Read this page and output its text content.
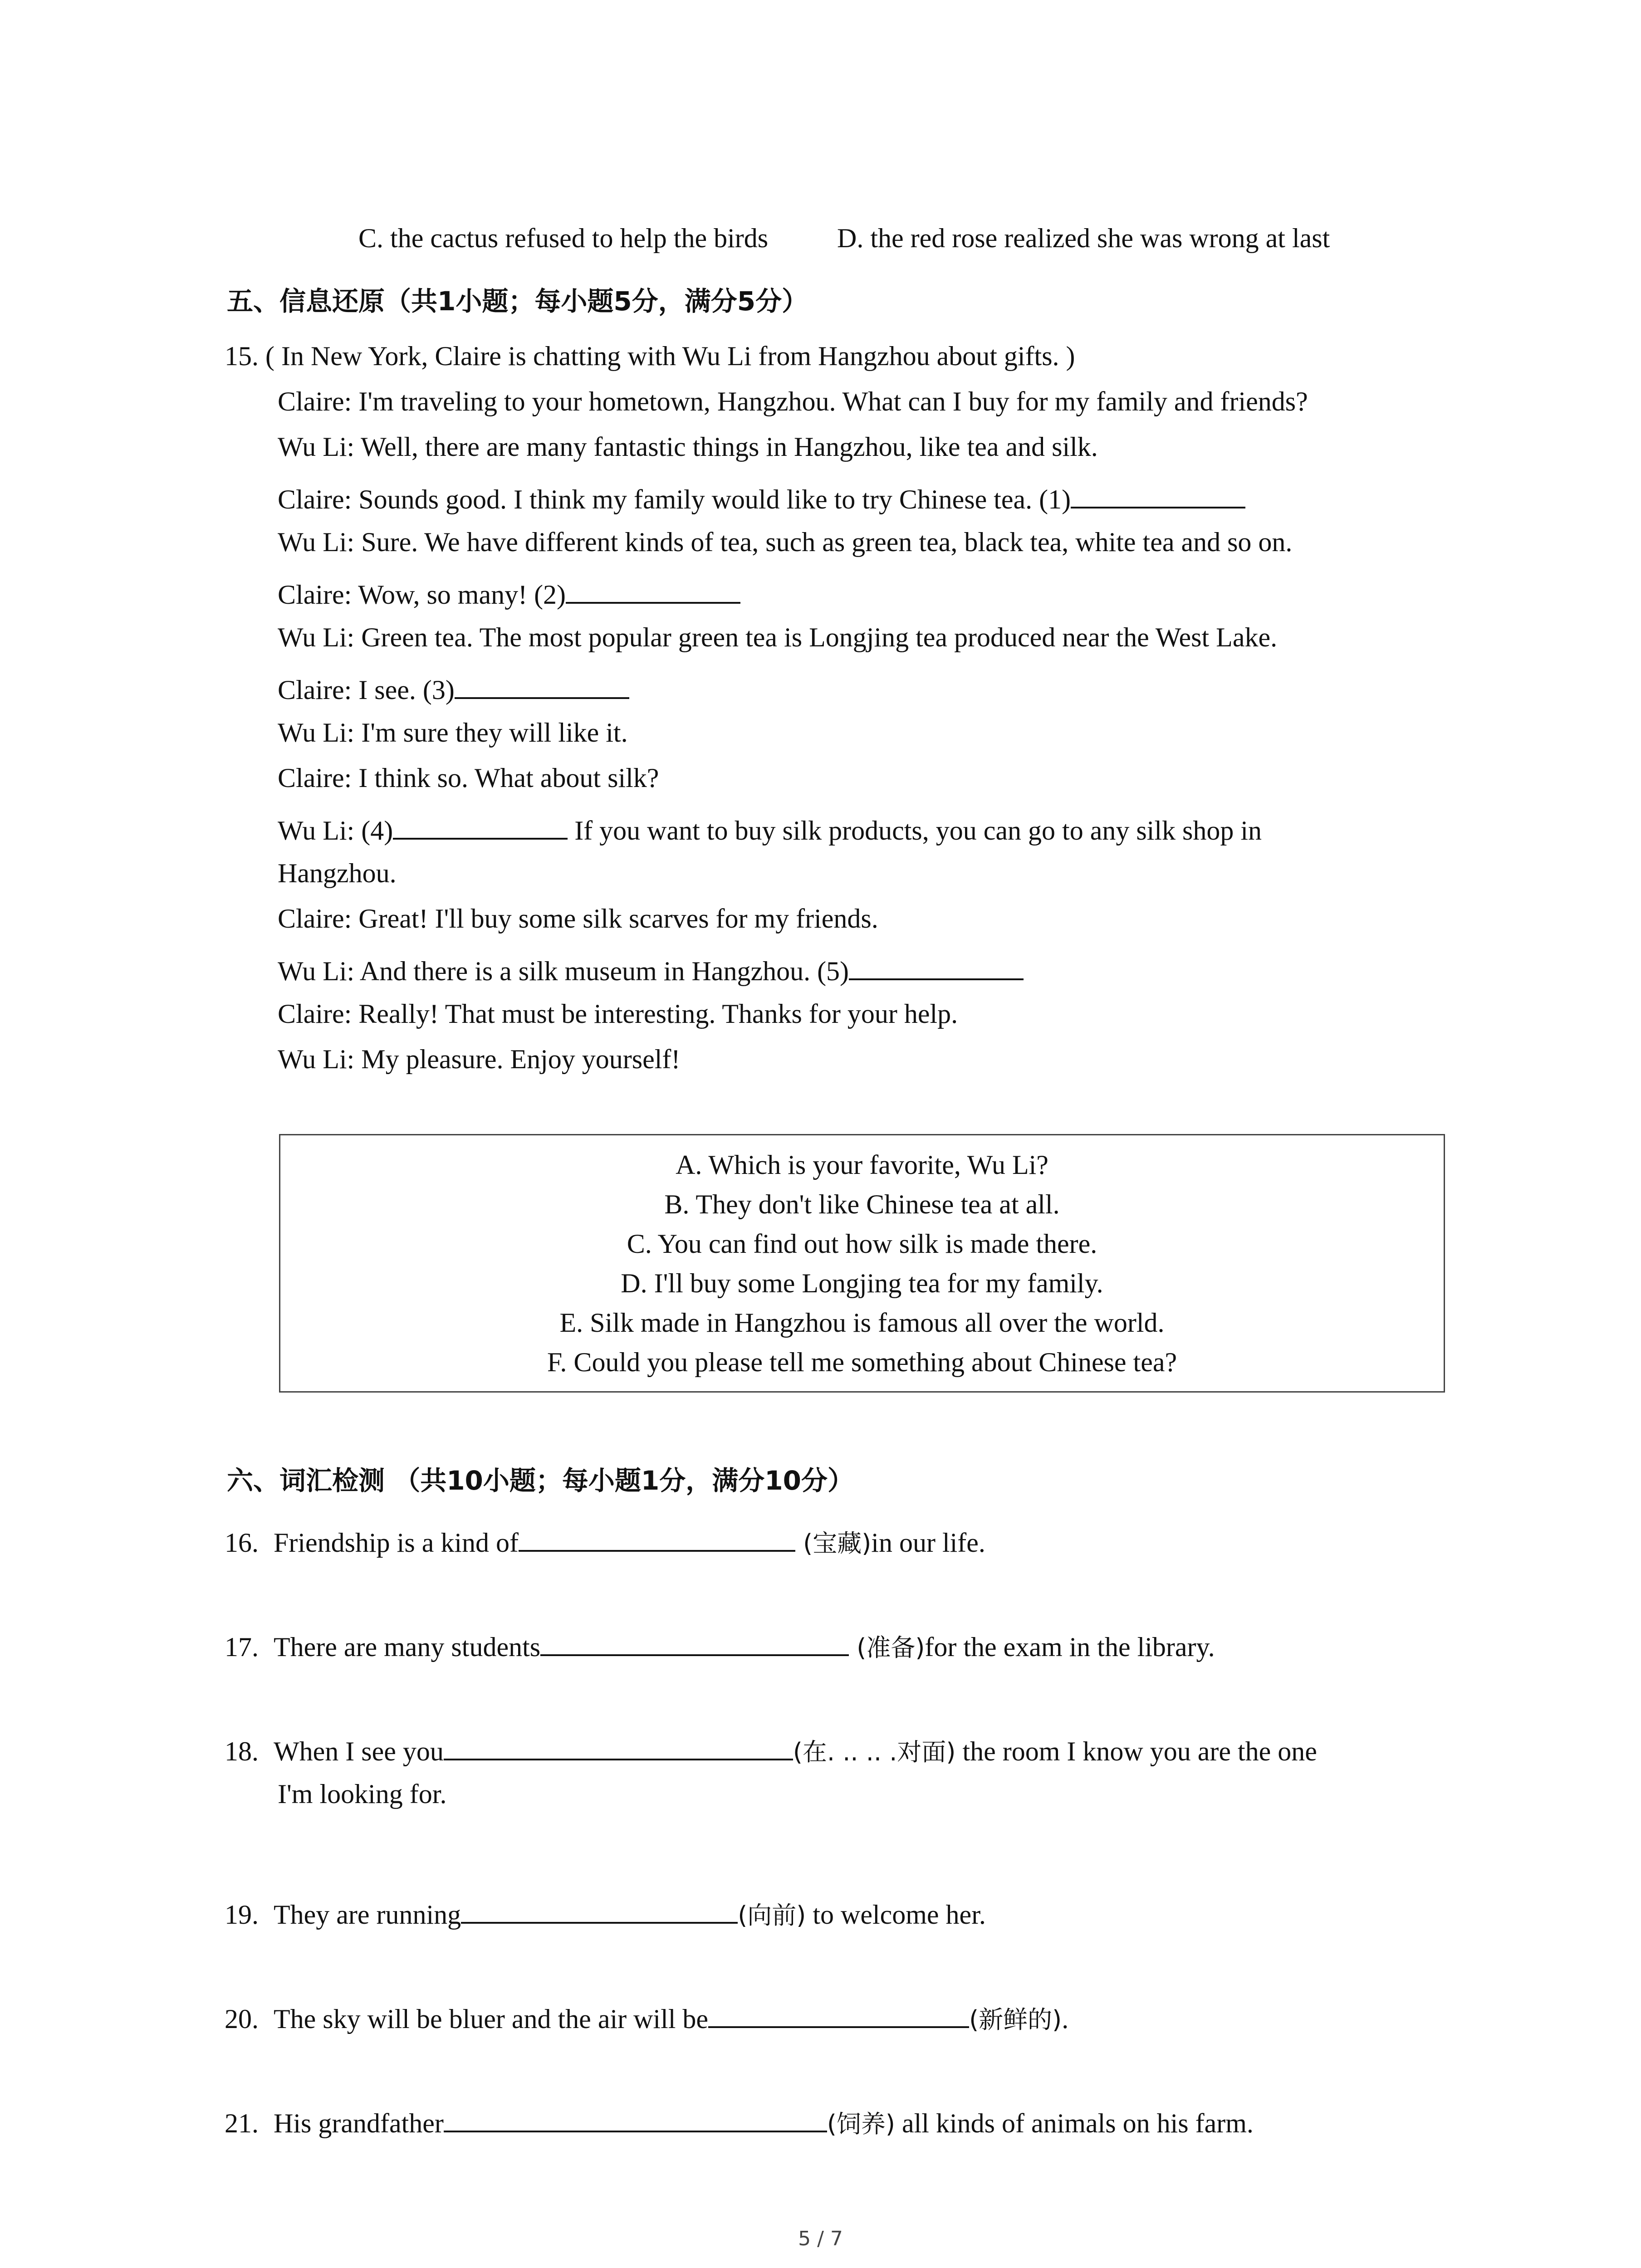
C. the cactus refused to help the birds	D. the red rose realized she was wrong at last
五、信息还原（共1小题；每小题5分，满分5分）
15. ( In New York, Claire is chatting with Wu Li from Hangzhou about gifts. )
Claire: I'm traveling to your hometown, Hangzhou. What can I buy for my family and friends?
Wu Li: Well, there are many fantastic things in Hangzhou, like tea and silk.
Claire: Sounds good. I think my family would like to try Chinese tea. (1)
Wu Li: Sure. We have different kinds of tea, such as green tea, black tea, white tea and so on.
Claire: Wow, so many! (2)
Wu Li: Green tea. The most popular green tea is Longjing tea produced near the West Lake.
Claire: I see. (3)
Wu Li: I'm sure they will like it.
Claire: I think so. What about silk?
Wu Li: (4)	If you want to buy silk products, you can go to any silk shop in
Hangzhou.
Claire: Great! I'll buy some silk scarves for my friends.
Wu Li: And there is a silk museum in Hangzhou. (5)
Claire: Really! That must be interesting. Thanks for your help.
Wu Li: My pleasure. Enjoy yourself!
A. Which is your favorite, Wu Li?
B. They don't like Chinese tea at all.
C. You can find out how silk is made there.
D. I'll buy some Longjing tea for my family.
E. Silk made in Hangzhou is famous all over the world.
F. Could you please tell me something about Chinese tea?
六、词汇检测 （共10小题；每小题1分，满分10分）
16. Friendship is a kind of	(宝藏)in our life.
17. There are many students	(准备)for the exam in the library.
18. When I see you	(在. .. .. .对面) the room I know you are the one
I'm looking for.
19. They are running	(向前) to welcome her.
20. The sky will be bluer and the air will be	(新鲜的).
21. His grandfather	(饲养) all kinds of animals on his farm.
5 / 7
